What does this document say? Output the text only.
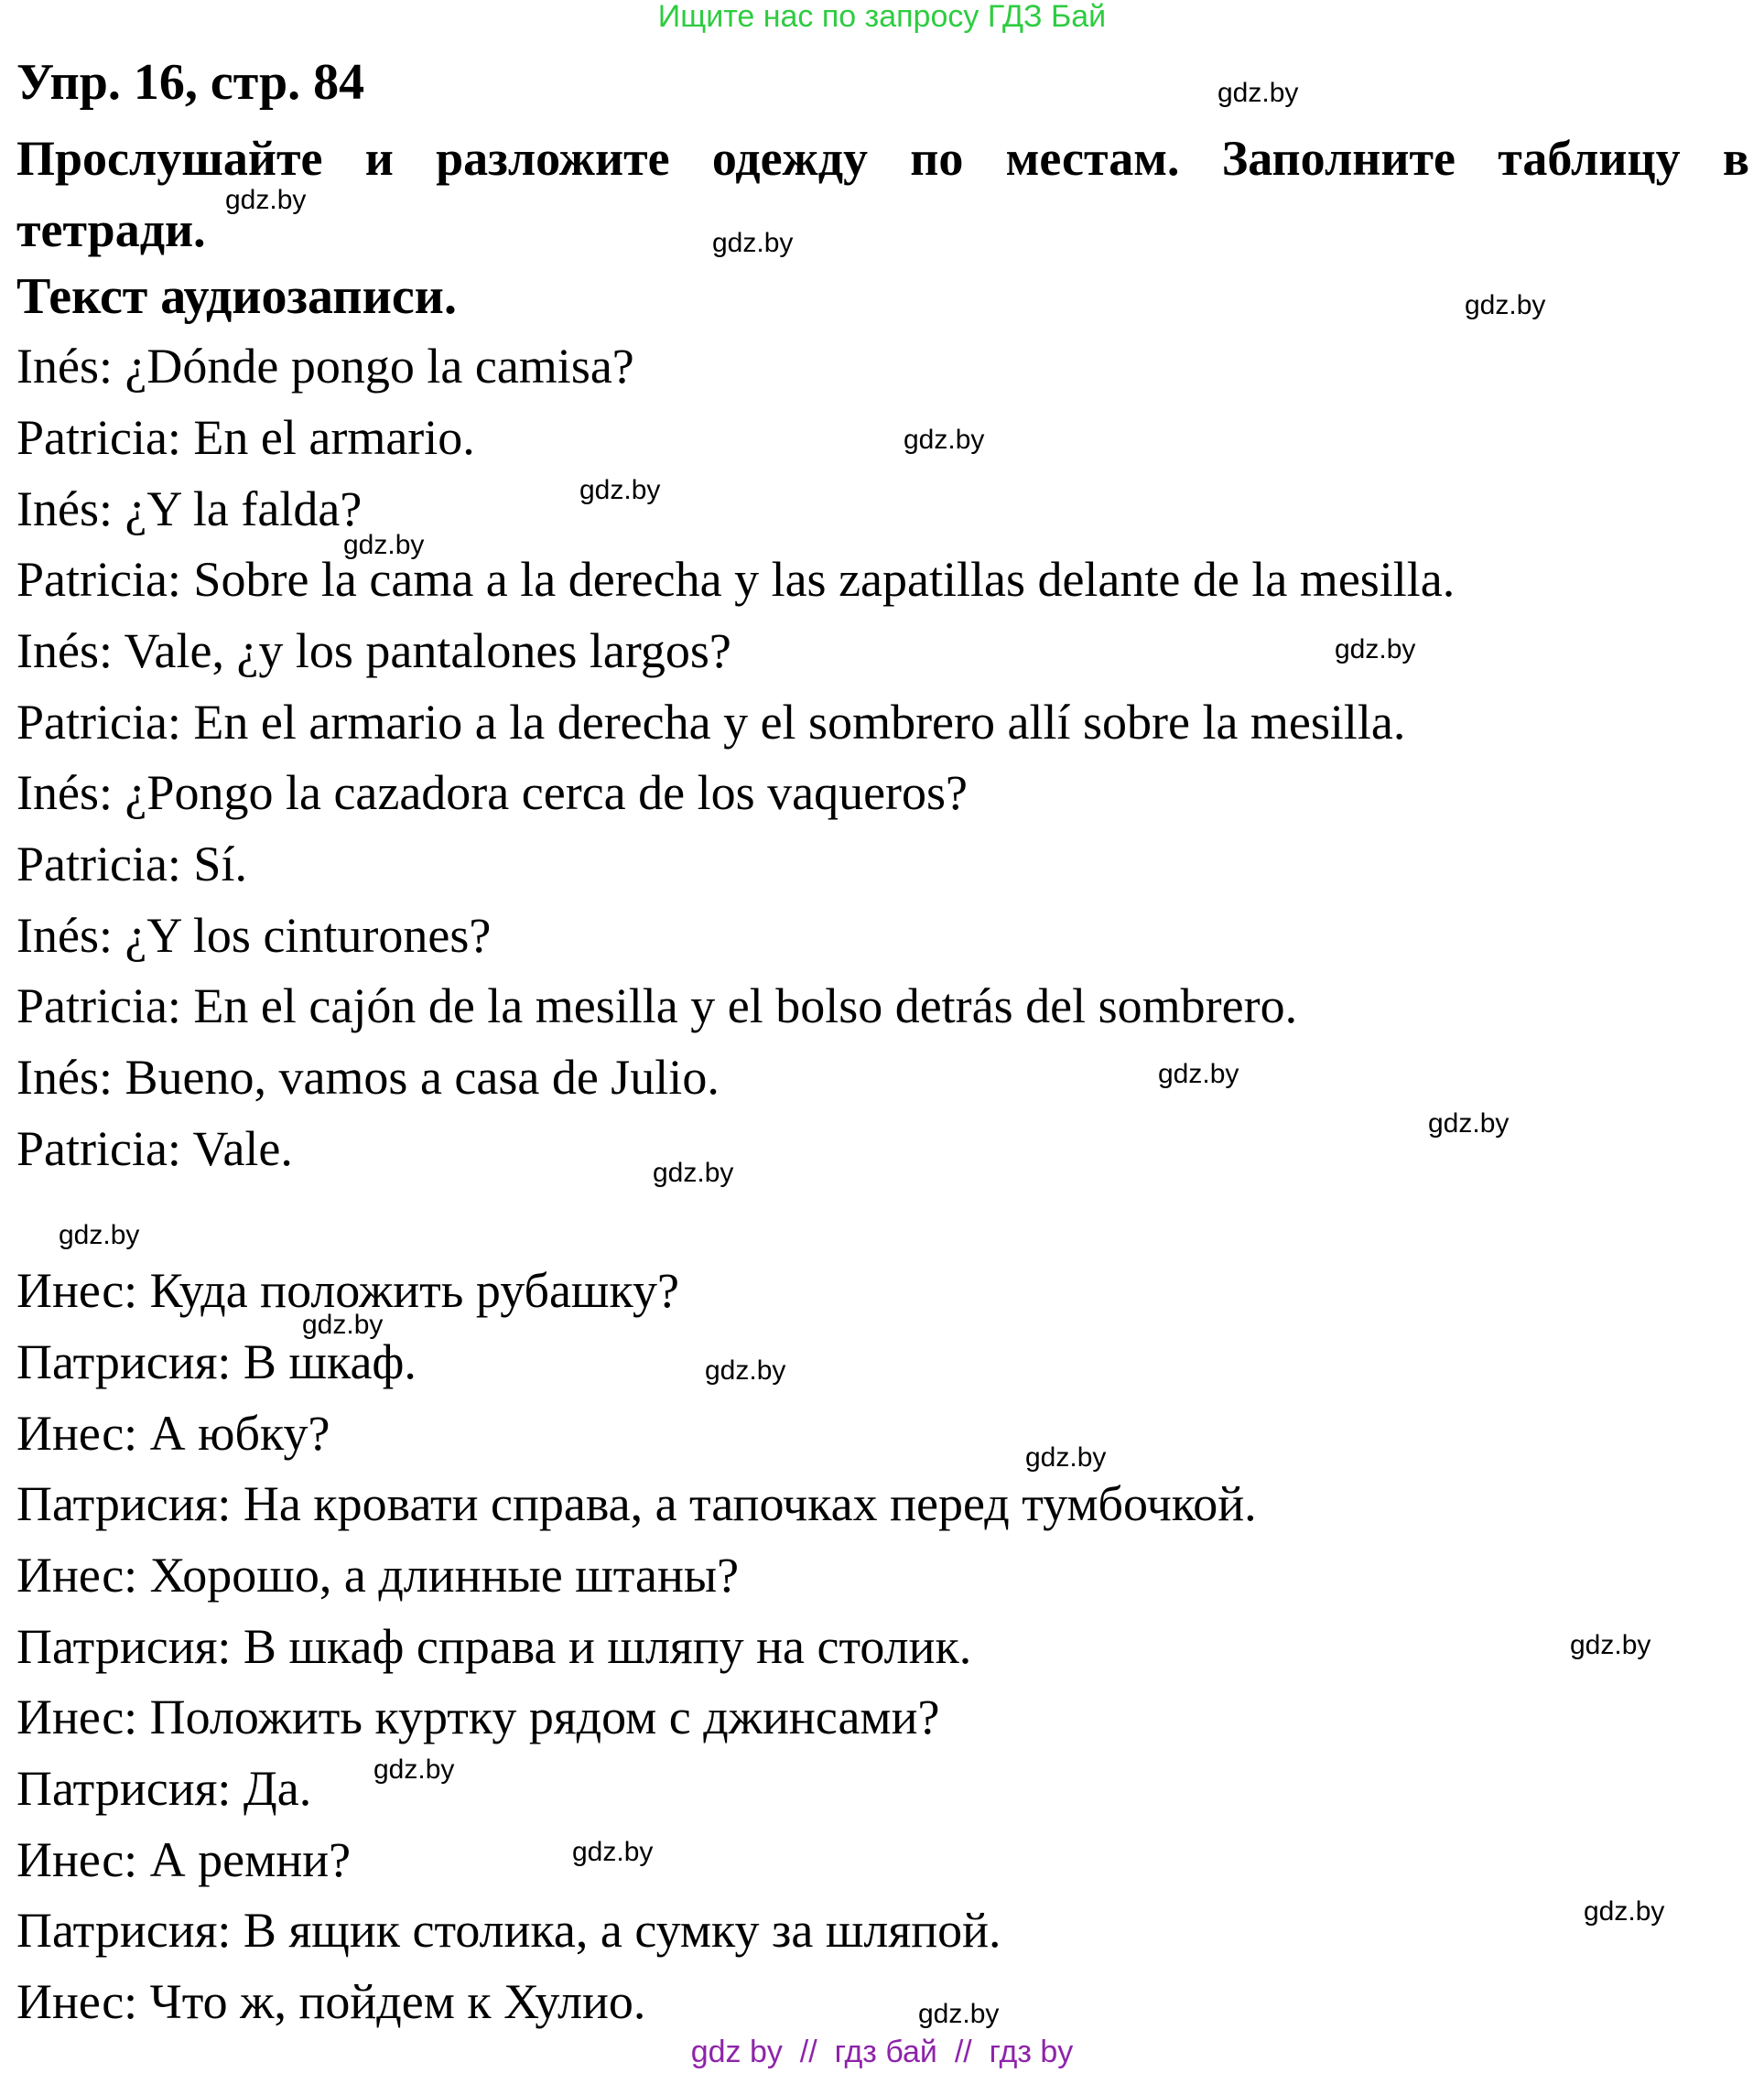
Ищите нас по запросу ГДЗ Бай
Упр. 16, стр. 84
Прослушайте и разложите одежду по местам. Заполните таблицу в тетради.
Текст аудиозаписи.
Inés: ¿Dónde pongo la camisa?
Patricia: En el armario.
Inés: ¿Y la falda?
Patricia: Sobre la cama a la derecha y las zapatillas delante de la mesilla.
Inés: Vale, ¿y los pantalones largos?
Patricia: En el armario a la derecha y el sombrero allí sobre la mesilla.
Inés: ¿Pongo la cazadora cerca de los vaqueros?
Patricia: Sí.
Inés: ¿Y los cinturones?
Patricia: En el cajón de la mesilla y el bolso detrás del sombrero.
Inés: Bueno, vamos a casa de Julio.
Patricia: Vale.
Инес: Куда положить рубашку?
Патрисия: В шкаф.
Инес: А юбку?
Патрисия: На кровати справа, а тапочках перед тумбочкой.
Инес: Хорошо, а длинные штаны?
Патрисия: В шкаф справа и шляпу на столик.
Инес: Положить куртку рядом с джинсами?
Патрисия: Да.
Инес: А ремни?
Патрисия: В ящик столика, а сумку за шляпой.
Инес: Что ж, пойдем к Хулио.
gdz.by
gdz.by
gdz.by
gdz.by
gdz.by
gdz.by
gdz.by
gdz.by
gdz.by
gdz.by
gdz.by
gdz.by
gdz.by
gdz.by
gdz.by
gdz.by
gdz.by
gdz.by
gdz.by
gdz.by
gdz by  //  гдз бай  //  гдз by
